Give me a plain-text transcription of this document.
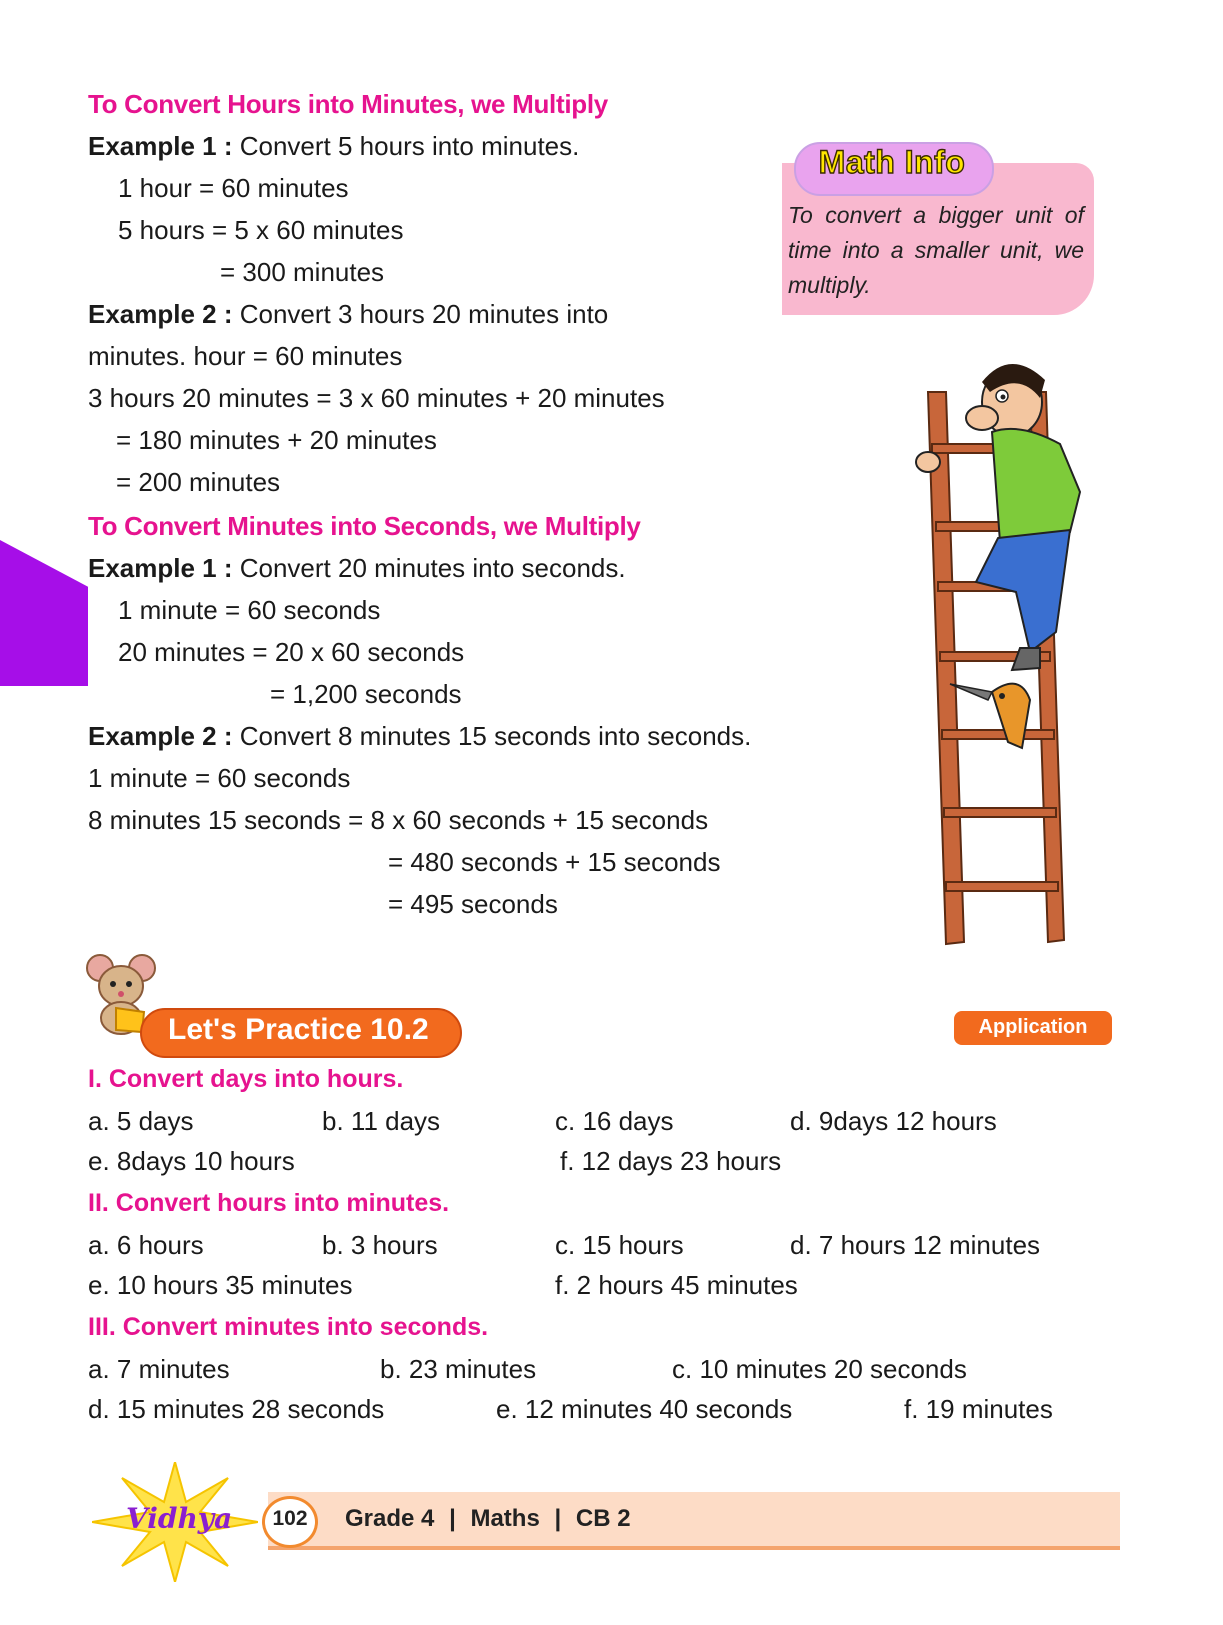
To Convert Hours into Minutes, we Multiply
Example 1 : Convert 5 hours into minutes.
1 hour = 60 minutes
5 hours = 5 x 60 minutes
= 300 minutes
Example 2 : Convert 3 hours 20 minutes into
minutes. hour = 60 minutes
3 hours 20 minutes = 3 x 60 minutes + 20 minutes
= 180 minutes + 20 minutes
= 200 minutes
To Convert Minutes into Seconds, we Multiply
Example 1 : Convert 20 minutes into seconds.
1 minute = 60 seconds
20 minutes = 20 x 60 seconds
= 1,200 seconds
Example 2 : Convert 8 minutes 15 seconds into seconds.
1 minute = 60 seconds
8 minutes 15 seconds = 8 x 60 seconds + 15 seconds
= 480 seconds + 15 seconds
= 495 seconds
Math Info
To convert a bigger unit of time into a smaller unit, we multiply.
Let's Practice 10.2	Application
I. Convert days into hours.
a. 5 days	b. 11 days	c. 16 days	d. 9days 12 hours
e. 8days 10 hours	f. 12 days 23 hours
II. Convert hours into minutes.
a. 6 hours	b. 3 hours	c. 15 hours	d. 7 hours 12 minutes
e. 10 hours 35 minutes	f. 2 hours 45 minutes
III. Convert minutes into seconds.
a. 7 minutes	b. 23 minutes	c. 10 minutes 20 seconds
d. 15 minutes 28 seconds	e. 12 minutes 40 seconds	f. 19 minutes
Vidhya	102	Grade 4 | Maths | CB 2
